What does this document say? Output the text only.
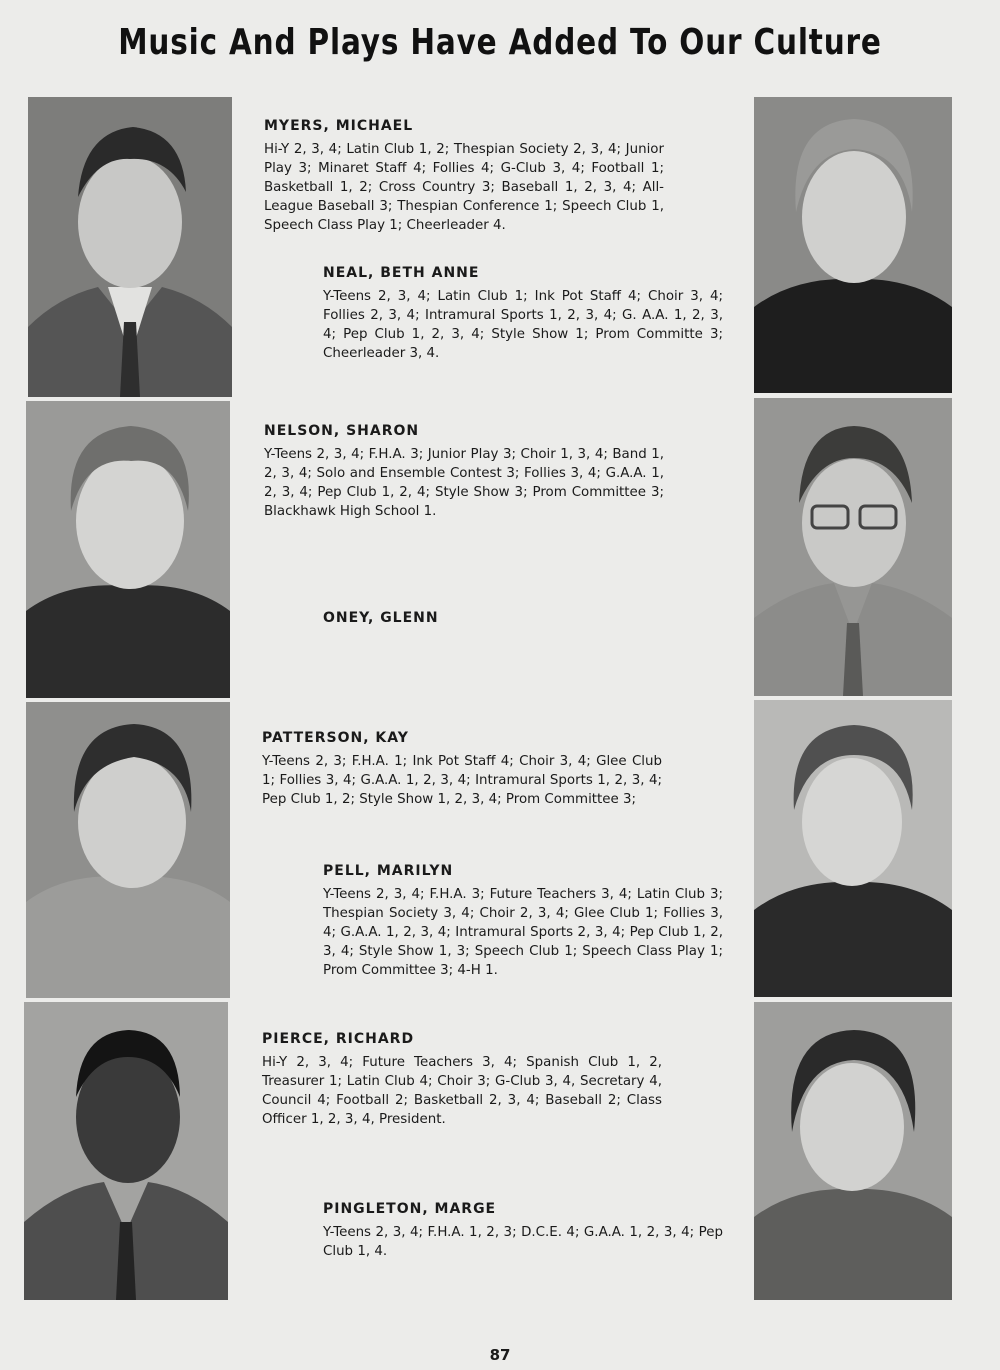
Music And Plays Have Added To Our Culture

MYERS, MICHAEL

Hi-Y 2, 3, 4; Latin Club 1, 2; Thespian Society 2, 3, 4; Junior Play 3; Minaret Staff 4; Follies 4; G-Club 3, 4; Football 1; Basketball 1, 2; Cross Country 3; Baseball 1, 2, 3, 4; All-League Baseball 3; Thespian Conference 1; Speech Club 1, Speech Class Play 1; Cheerleader 4.

NEAL, BETH ANNE

Y-Teens 2, 3, 4; Latin Club 1; Ink Pot Staff 4; Choir 3, 4; Follies 2, 3, 4; Intramural Sports 1, 2, 3, 4; G. A.A. 1, 2, 3, 4; Pep Club 1, 2, 3, 4; Style Show 1; Prom Committe 3; Cheerleader 3, 4.

NELSON, SHARON

Y-Teens 2, 3, 4; F.H.A. 3; Junior Play 3; Choir 1, 3, 4; Band 1, 2, 3, 4; Solo and Ensemble Contest 3; Follies 3, 4; G.A.A. 1, 2, 3, 4; Pep Club 1, 2, 4; Style Show 3; Prom Committee 3; Blackhawk High School 1.

ONEY, GLENN

PATTERSON, KAY

Y-Teens 2, 3; F.H.A. 1; Ink Pot Staff 4; Choir 3, 4; Glee Club 1; Follies 3, 4; G.A.A. 1, 2, 3, 4; Intramural Sports 1, 2, 3, 4; Pep Club 1, 2; Style Show 1, 2, 3, 4; Prom Committee 3;

PELL, MARILYN

Y-Teens 2, 3, 4; F.H.A. 3; Future Teachers 3, 4; Latin Club 3; Thespian Society 3, 4; Choir 2, 3, 4; Glee Club 1; Follies 3, 4; G.A.A. 1, 2, 3, 4; Intramural Sports 2, 3, 4; Pep Club 1, 2, 3, 4; Style Show 1, 3; Speech Club 1; Speech Class Play 1; Prom Committee 3; 4-H 1.

PIERCE, RICHARD

Hi-Y 2, 3, 4; Future Teachers 3, 4; Spanish Club 1, 2, Treasurer 1; Latin Club 4; Choir 3; G-Club 3, 4, Secretary 4, Council 4; Football 2; Basketball 2, 3, 4; Baseball 2; Class Officer 1, 2, 3, 4, President.

PINGLETON, MARGE

Y-Teens 2, 3, 4; F.H.A. 1, 2, 3; D.C.E. 4; G.A.A. 1, 2, 3, 4; Pep Club 1, 4.

87
